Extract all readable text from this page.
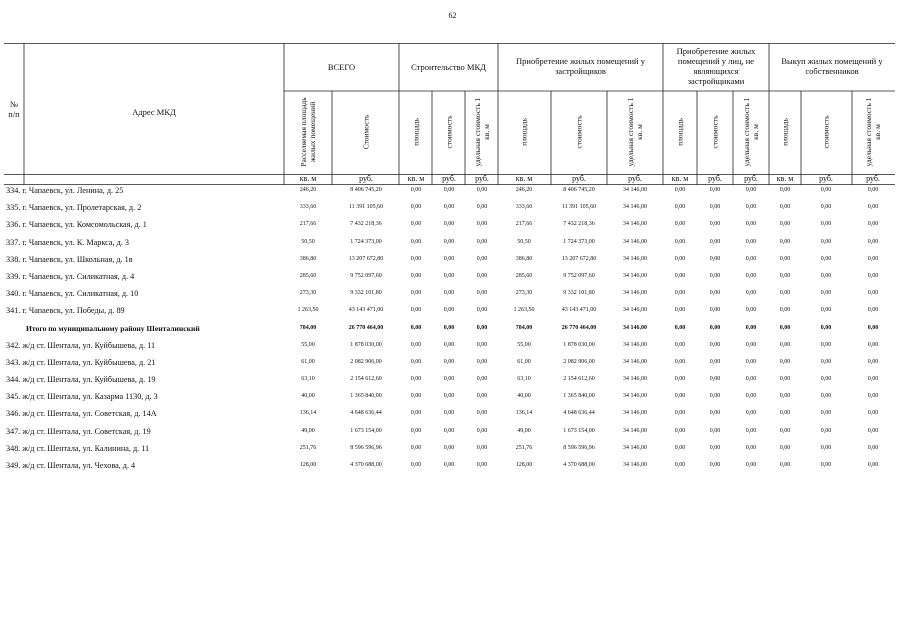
62
№
п/п	Адрес МКД
ВСЕГО	Строительство МКД
Приобретение жилых помещений у застройщиков
Приобретение жилых помещений у лиц, не являющихся застройщиками
Выкуп жилых помещений у собственников
Расселяемая площадь жилых помещений	Стоимость	площадь	стоимость	удельная стоимость 1 кв. м	площадь	стоимость	удельная стоимость 1 кв. м	площадь	стоимость	удельная стоимость 1 кв. м	площадь	стоимость	удельная стоимость 1 кв. м
кв. м	руб.	кв. м	руб.	руб.	кв. м	руб.	руб.	кв. м	руб.	руб.	кв. м	руб.	руб.
334. г. Чапаевск, ул. Ленина, д. 25	246,20	8 406 745,20	0,00	0,00	0,00	246,20	8 406 745,20	34 146,00	0,00	0,00	0,00	0,00	0,00	0,00
335. г. Чапаевск, ул. Пролетарская, д. 2	333,60	11 391 105,60	0,00	0,00	0,00	333,60	11 391 105,60	34 146,00	0,00	0,00	0,00	0,00	0,00	0,00
336. г. Чапаевск, ул. Комсомольская, д. 1	217,66	7 432 218,36	0,00	0,00	0,00	217,66	7 432 218,36	34 146,00	0,00	0,00	0,00	0,00	0,00	0,00
337. г. Чапаевск, ул. К. Маркса, д. 3	50,50	1 724 373,00	0,00	0,00	0,00	50,50	1 724 373,00	34 146,00	0,00	0,00	0,00	0,00	0,00	0,00
338. г. Чапаевск, ул. Школьная, д. 1в	386,80	13 207 672,80	0,00	0,00	0,00	386,80	13 207 672,80	34 146,00	0,00	0,00	0,00	0,00	0,00	0,00
339. г. Чапаевск, ул. Силикатная, д. 4	285,60	9 752 097,60	0,00	0,00	0,00	285,60	9 752 097,60	34 146,00	0,00	0,00	0,00	0,00	0,00	0,00
340. г. Чапаевск, ул. Силикатная, д. 10	273,30	9 332 101,80	0,00	0,00	0,00	273,30	9 332 101,80	34 146,00	0,00	0,00	0,00	0,00	0,00	0,00
341. г. Чапаевск, ул. Победы, д. 89	1 263,50	43 143 471,00	0,00	0,00	0,00	1 263,50	43 143 471,00	34 146,00	0,00	0,00	0,00	0,00	0,00	0,00
Итого по муниципальному району Шенталинский	784,00	26 770 464,00	0,00	0,00	0,00	784,00	26 770 464,00	34 146,00	0,00	0,00	0,00	0,00	0,00	0,00
342. ж/д ст. Шентала, ул. Куйбышева, д. 11	55,00	1 878 030,00	0,00	0,00	0,00	55,00	1 878 030,00	34 146,00	0,00	0,00	0,00	0,00	0,00	0,00
343. ж/д ст. Шентала, ул. Куйбышева, д. 21	61,00	2 082 906,00	0,00	0,00	0,00	61,00	2 082 906,00	34 146,00	0,00	0,00	0,00	0,00	0,00	0,00
344. ж/д ст. Шентала, ул. Куйбышева, д. 19	63,10	2 154 612,60	0,00	0,00	0,00	63,10	2 154 612,60	34 146,00	0,00	0,00	0,00	0,00	0,00	0,00
345. ж/д ст. Шентала, ул. Казарма 1130, д. 3	40,00	1 365 840,00	0,00	0,00	0,00	40,00	1 365 840,00	34 146,00	0,00	0,00	0,00	0,00	0,00	0,00
346. ж/д ст. Шентала, ул. Советская, д. 14А	136,14	4 648 636,44	0,00	0,00	0,00	136,14	4 648 636,44	34 146,00	0,00	0,00	0,00	0,00	0,00	0,00
347. ж/д ст. Шентала, ул. Советская, д. 19	49,00	1 673 154,00	0,00	0,00	0,00	49,00	1 673 154,00	34 146,00	0,00	0,00	0,00	0,00	0,00	0,00
348. ж/д ст. Шентала, ул. Калинина, д. 11	251,76	8 596 596,96	0,00	0,00	0,00	251,76	8 596 596,96	34 146,00	0,00	0,00	0,00	0,00	0,00	0,00
349. ж/д ст. Шентала, ул. Чехова, д. 4	128,00	4 370 688,00	0,00	0,00	0,00	128,00	4 370 688,00	34 146,00	0,00	0,00	0,00	0,00	0,00	0,00
